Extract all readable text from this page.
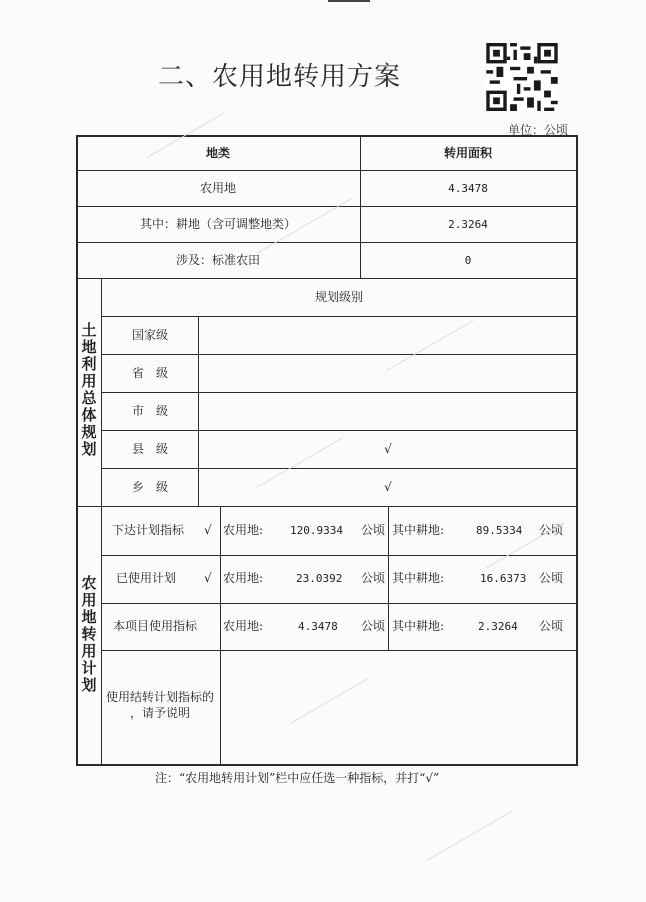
二、农用地转用方案
单位：公顷
地类	转用面积
农用地	4.3478
其中：耕地（含可调整地类）	2.3264
涉及：标准农田	0
土地利用总体规划
规划级别
国家级
省　级
市　级
县　级	√
乡　级	√
农用地转用计划
下达计划指标 √ 农用地: 120.9334 公顷 其中耕地:	89.5334 公顷
已使用计划 √ 农用地:	23.0392 公顷 其中耕地:	16.6373 公顷
本项目使用指标 农用地:	4.3478 公顷 其中耕地:	2.3264 公顷
使用结转计划指标的
，请予说明
注：“农用地转用计划”栏中应任选一种指标，并打“√”
